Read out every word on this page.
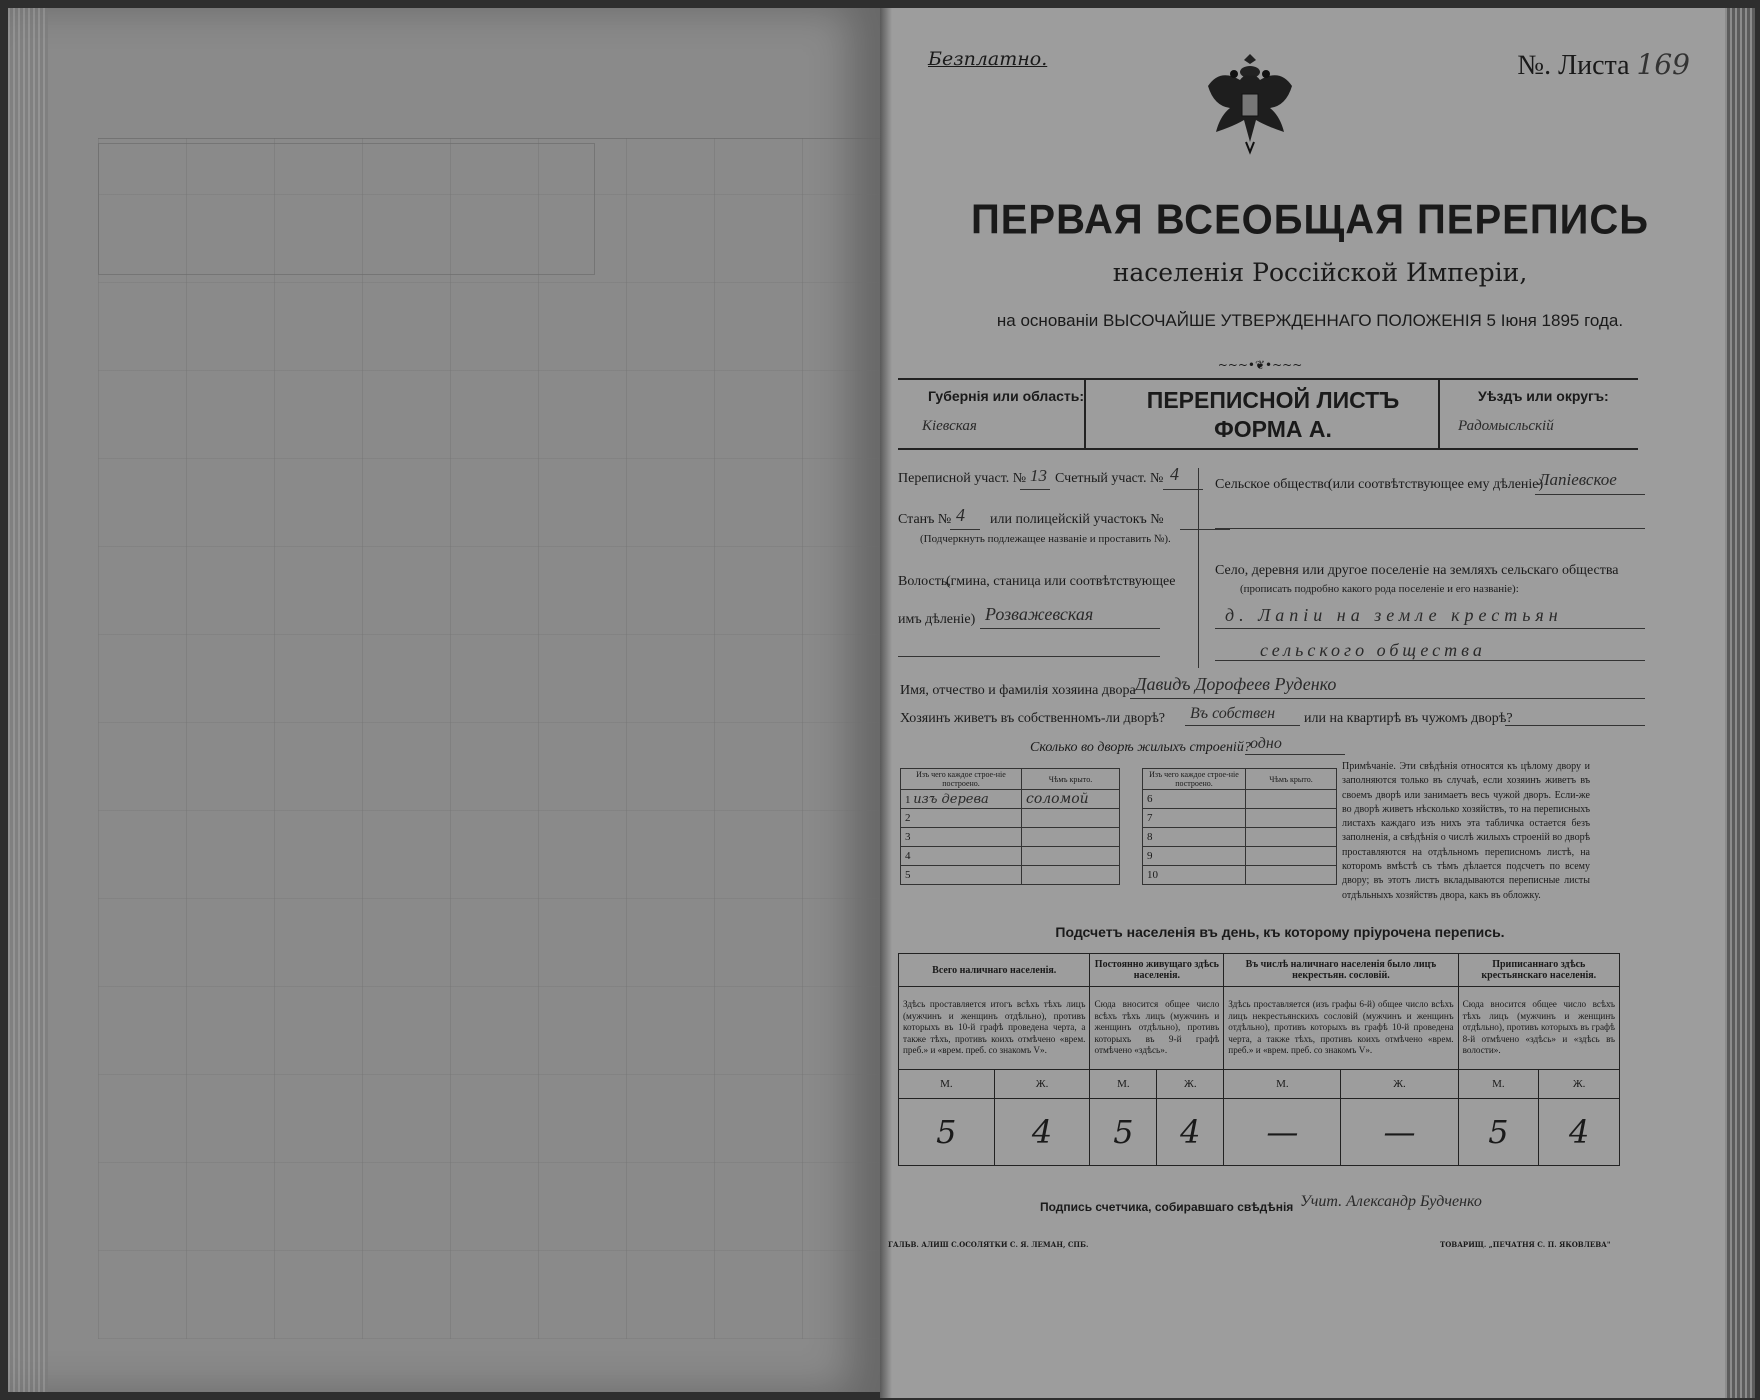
Безплатно.	№. Листа 169
ПЕРВАЯ ВСЕОБЩАЯ ПЕРЕПИСЬ
населенія Россійской Имперіи,
на основаніи ВЫСОЧАЙШЕ УТВЕРЖДЕННАГО ПОЛОЖЕНІЯ 5 Іюня 1895 года.
~~~•❦•~~~
Губернія или область:
Кіевская
ПЕРЕПИСНОЙ ЛИСТЪ
ФОРМА А.
Уѣздъ или округъ:
Радомысльскій
Переписной участ. № 13 Счетный участ. № 4
Станъ № 4 или полицейскій участокъ №
(Подчеркнуть подлежащее названіе и проставить №).
Волость,
(гмина, станица или соотвѣтствующее
имъ дѣленіе) Розважевская
Сельское общество
(или соотвѣтствующее ему дѣленіе)
Лапіевское
Село, деревня или другое поселеніе на земляхъ сельскаго общества
(прописать подробно какого рода поселеніе и его названіе):
д. Лапіи на земле крестьян
сельского общества
Имя, отчество и фамилія хозяина двора Давидъ Дорофеев Руденко
Хозяинъ живетъ въ собственномъ-ли дворѣ? Въ собствен или на квартирѣ въ чужомъ дворѣ?
Сколько во дворѣ жилыхъ строеній? одно
Изъ чего каждое строе-ніе построено.	Чѣмъ крыто.
1 изъ дерева	соломой
2	
3	
4	
5	
Изъ чего каждое строе-ніе построено.	Чѣмъ крыто.
6	
7	
8	
9	
10	
Примѣчаніе. Эти свѣдѣнія относятся къ цѣлому двору и заполняются только въ случаѣ, если хозяинъ живетъ въ своемъ дворѣ или занимаетъ весь чужой дворъ. Если-же во дворѣ живетъ нѣсколько хозяйствъ, то на переписныхъ листахъ каждаго изъ нихъ эта табличка остается безъ заполненія, а свѣдѣнія о числѣ жилыхъ строеній во дворѣ проставляются на отдѣльномъ переписномъ листѣ, на которомъ вмѣстѣ съ тѣмъ дѣлается подсчетъ по всему двору; въ этотъ листъ вкладываются переписные листы отдѣльныхъ хозяйствъ двора, какъ въ обложку.
Подсчетъ населенія въ день, къ которому пріурочена перепись.
Всего наличнаго населенія.		Постоянно живущаго здѣсь населенія.		Въ числѣ наличнаго населенія было лицъ некрестьян. сословій.		Приписаннаго здѣсь крестьянскаго населенія.	
Здѣсь проставляется итогъ всѣхъ тѣхъ лицъ (мужчинъ и женщинъ отдѣльно), противъ которыхъ въ 10-й графѣ проведена черта, а также тѣхъ, противъ коихъ отмѣчено «врем. преб.» и «врем. преб. со знакомъ V».		Сюда вносится общее число всѣхъ тѣхъ лицъ (мужчинъ и женщинъ отдѣльно), противъ которыхъ въ 9-й графѣ отмѣчено «здѣсь».		Здѣсь проставляется (изъ графы 6-й) общее число всѣхъ лицъ некрестьянскихъ сословій (мужчинъ и женщинъ отдѣльно), противъ которыхъ въ графѣ 10-й проведена черта, а также тѣхъ, противъ коихъ отмѣчено «врем. преб.» и «врем. преб. со знакомъ V».		Сюда вносится общее число всѣхъ тѣхъ лицъ (мужчинъ и женщинъ отдѣльно), противъ которыхъ въ графѣ 8-й отмѣчено «здѣсь» и «здѣсь въ волости».	
М.	Ж.	М.	Ж.	М.	Ж.	М.	Ж.
5	4	5	4	—	—	5	4
Подпись счетчика, собиравшаго свѣдѣнія Учит. Александр Будченко
ГАЛЬВ. АЛИШ С.ОСОЛЯТКИ С. Я. ЛЕМАН, СПБ.	ТОВАРИЩ. „ПЕЧАТНЯ С. П. ЯКОВЛЕВА"
